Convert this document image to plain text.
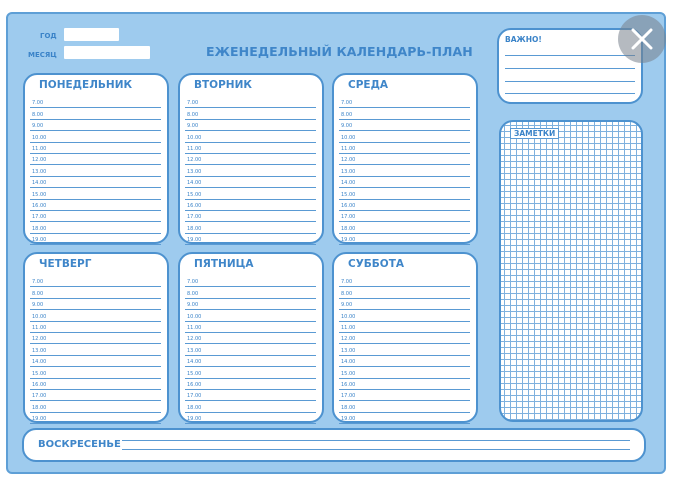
ГОД
МЕСЯЦ	ЕЖЕНЕДЕЛЬНЫЙ КАЛЕНДАРЬ-ПЛАН
ПОНЕДЕЛЬНИК
7.00
8.00
9.00
10.00
11.00
12.00
13.00
14.00
15.00
16.00
17.00
18.00
19.00
ВТОРНИК
7.00
8.00
9.00
10.00
11.00
12.00
13.00
14.00
15.00
16.00
17.00
18.00
19.00
СРЕДА
7.00
8.00
9.00
10.00
11.00
12.00
13.00
14.00
15.00
16.00
17.00
18.00
19.00
ЧЕТВЕРГ
7.00
8.00
9.00
10.00
11.00
12.00
13.00
14.00
15.00
16.00
17.00
18.00
19.00
ПЯТНИЦА
7.00
8.00
9.00
10.00
11.00
12.00
13.00
14.00
15.00
16.00
17.00
18.00
19.00
СУББОТА
7.00
8.00
9.00
10.00
11.00
12.00
13.00
14.00
15.00
16.00
17.00
18.00
19.00
ВАЖНО!
ЗАМЕТКИ
ВОСКРЕСЕНЬЕ
